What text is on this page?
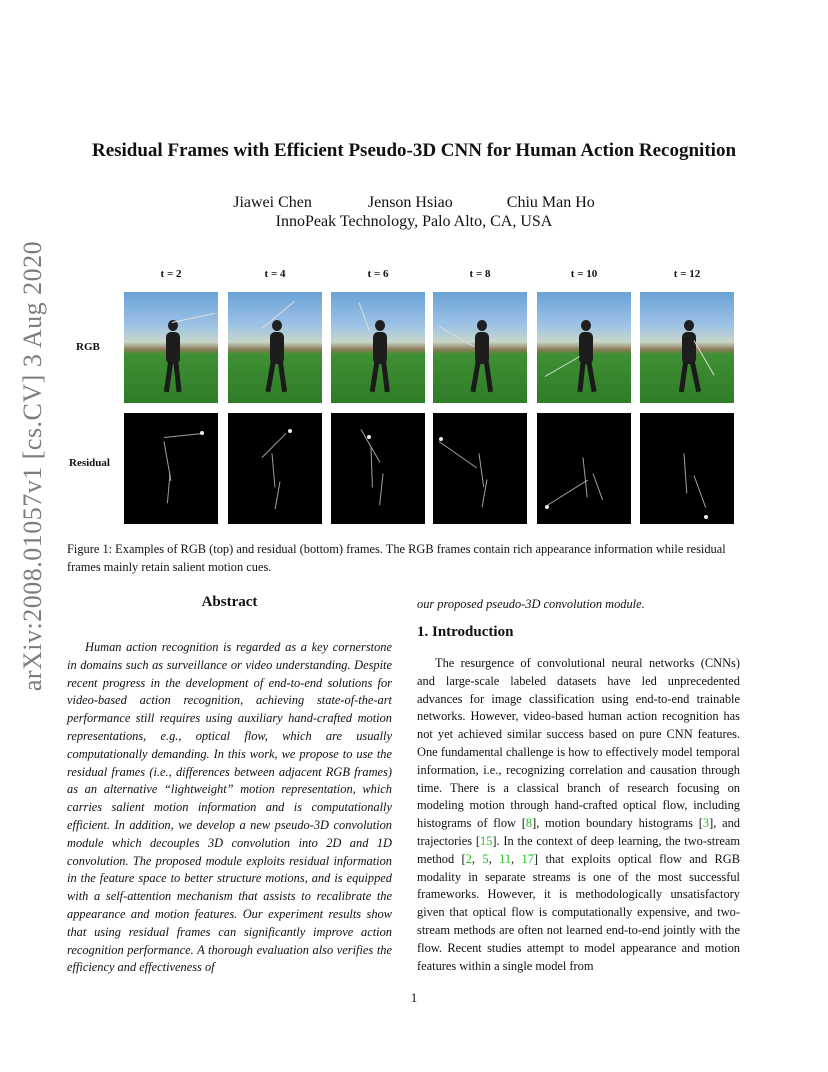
arXiv:2008.01057v1 [cs.CV] 3 Aug 2020
Residual Frames with Efficient Pseudo-3D CNN for Human Action Recognition
Jiawei Chen	Jenson Hsiao	Chiu Man Ho
InnoPeak Technology, Palo Alto, CA, USA
t = 2	t = 4	t = 6	t = 8	t = 10	t = 12
RGB
Residual
Figure 1: Examples of RGB (top) and residual (bottom) frames. The RGB frames contain rich appearance information while residual frames mainly retain salient motion cues.
Abstract

Human action recognition is regarded as a key cornerstone in domains such as surveillance or video understanding. Despite recent progress in the development of end-to-end solutions for video-based action recognition, achieving state-of-the-art performance still requires using auxiliary hand-crafted motion representations, e.g., optical flow, which are usually computationally demanding. In this work, we propose to use the residual frames (i.e., differences between adjacent RGB frames) as an alternative “lightweight” motion representation, which carries salient motion information and is computationally efficient. In addition, we develop a new pseudo-3D convolution module which decouples 3D convolution into 2D and 1D convolution. The proposed module exploits residual information in the feature space to better structure motions, and is equipped with a self-attention mechanism that assists to recalibrate the appearance and motion features. Our experiment results show that using residual frames can significantly improve action recognition performance. A thorough evaluation also verifies the efficiency and effectiveness of

our proposed pseudo-3D convolution module.

1. Introduction

The resurgence of convolutional neural networks (CNNs) and large-scale labeled datasets have led unprecedented advances for image classification using end-to-end trainable networks. However, video-based human action recognition has not yet achieved similar success based on pure CNN features. One fundamental challenge is how to effectively model temporal information, i.e., recognizing correlation and causation through time. There is a classical branch of research focusing on modeling motion through hand-crafted optical flow, including histograms of flow [8], motion boundary histograms [3], and trajectories [15]. In the context of deep learning, the two-stream method [2, 5, 11, 17] that exploits optical flow and RGB modality in separate streams is one of the most successful frameworks. However, it is methodologically unsatisfactory given that optical flow is computationally expensive, and two-stream methods are often not learned end-to-end jointly with the flow. Recent studies attempt to model appearance and motion features within a single model from

1
